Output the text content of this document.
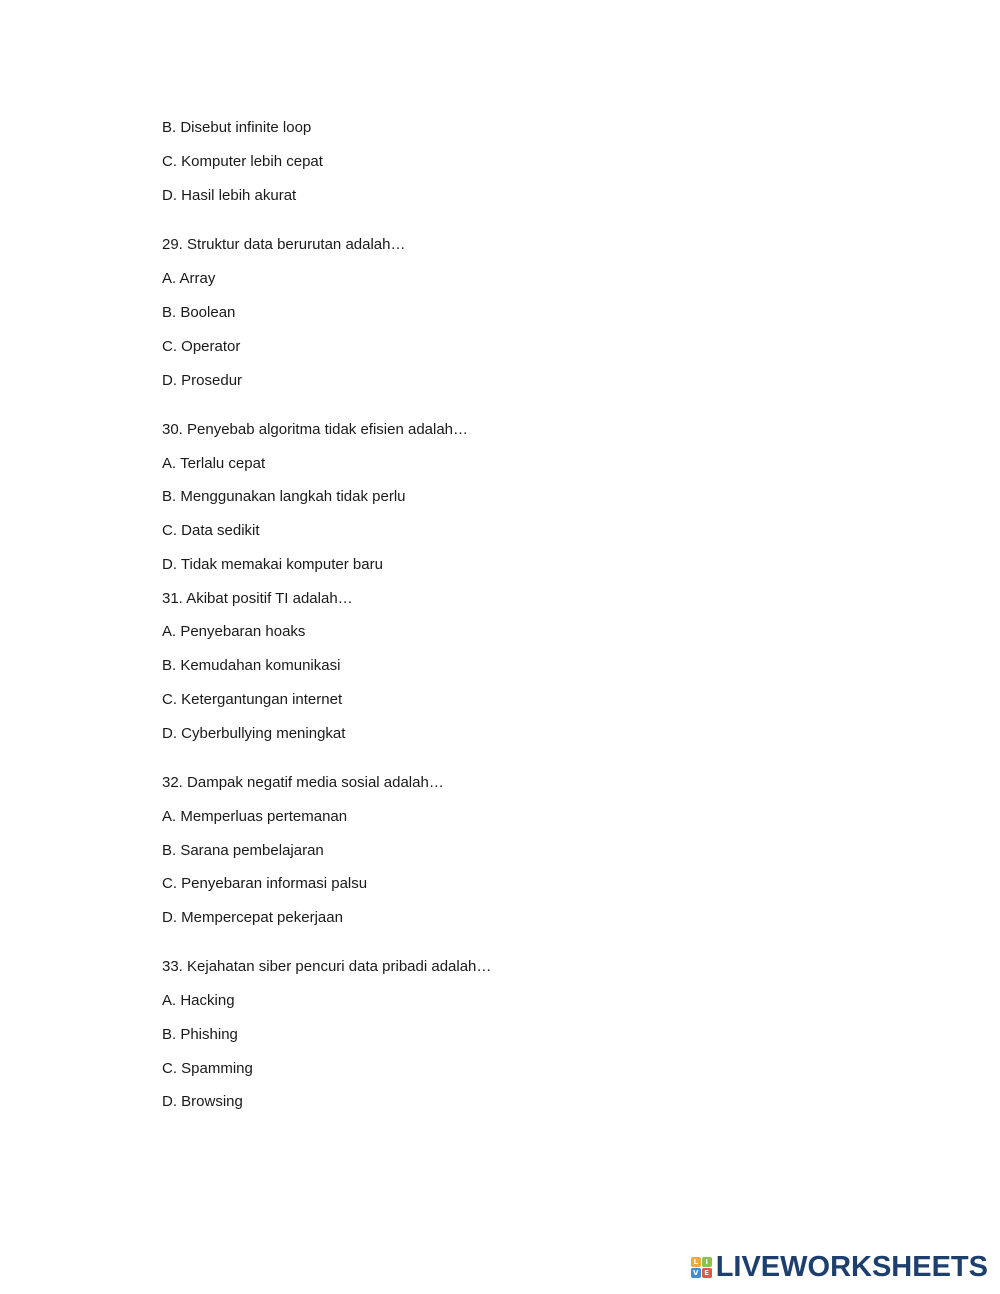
B. Disebut infinite loop
C. Komputer lebih cepat
D. Hasil lebih akurat
29. Struktur data berurutan adalah…
A. Array
B. Boolean
C. Operator
D. Prosedur
30. Penyebab algoritma tidak efisien adalah…
A. Terlalu cepat
B. Menggunakan langkah tidak perlu
C. Data sedikit
D. Tidak memakai komputer baru
31. Akibat positif TI adalah…
A. Penyebaran hoaks
B. Kemudahan komunikasi
C. Ketergantungan internet
D. Cyberbullying meningkat
32. Dampak negatif media sosial adalah…
A. Memperluas pertemanan
B. Sarana pembelajaran
C. Penyebaran informasi palsu
D. Mempercepat pekerjaan
33. Kejahatan siber pencuri data pribadi adalah…
A. Hacking
B. Phishing
C. Spamming
D. Browsing
L	I
V E LIVEWORKSHEETS
